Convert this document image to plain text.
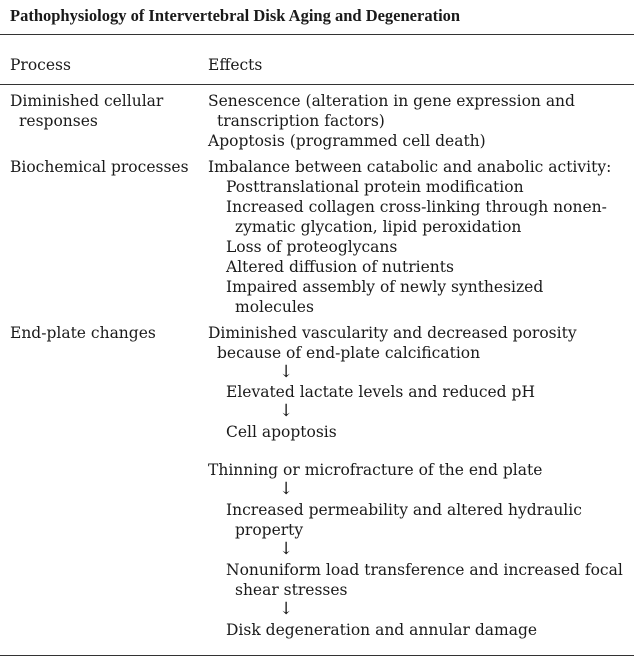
Pathophysiology of Intervertebral Disk Aging and Degeneration
Process	Effects
Diminished cellular
responses
Senescence (alteration in gene expression and
transcription factors)
Apoptosis (programmed cell death)
Biochemical processes Imbalance between catabolic and anabolic activity:
Posttranslational protein modification
Increased collagen cross-linking through nonen-
zymatic glycation, lipid peroxidation
Loss of proteoglycans
Altered diffusion of nutrients
Impaired assembly of newly synthesized
molecules
End-plate changes	Diminished vascularity and decreased porosity
because of end-plate calcification
↓
Elevated lactate levels and reduced pH
↓
Cell apoptosis
Thinning or microfracture of the end plate
↓
Increased permeability and altered hydraulic
property
↓
Nonuniform load transference and increased focal
shear stresses
↓
Disk degeneration and annular damage
